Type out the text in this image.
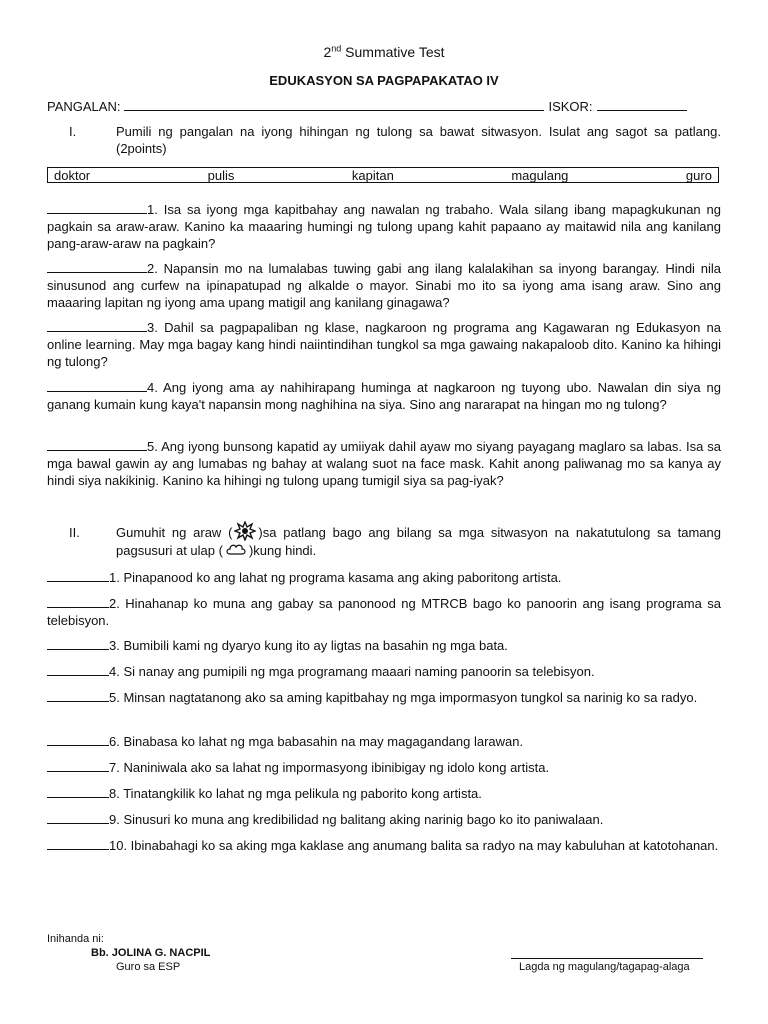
2nd Summative Test
EDUKASYON SA PAGPAPAKATAO IV
PANGALAN:	ISKOR:
I.	Pumili ng pangalan na iyong hihingan ng tulong sa bawat sitwasyon. Isulat ang sagot sa patlang.(2points)
doktor	pulis	kapitan	magulang	guro
1. Isa sa iyong mga kapitbahay ang nawalan ng trabaho. Wala silang ibang mapagkukunan ng pagkain sa araw-araw. Kanino ka maaaring humingi ng tulong upang kahit papaano ay maitawid nila ang kanilang pang-araw-araw na pagkain?
2. Napansin mo na lumalabas tuwing gabi ang ilang kalalakihan sa inyong barangay. Hindi nila sinusunod ang curfew na ipinapatupad ng alkalde o mayor. Sinabi mo ito sa iyong ama isang araw. Sino ang maaaring lapitan ng iyong ama upang matigil ang kanilang ginagawa?
3. Dahil sa pagpapaliban ng klase, nagkaroon ng programa ang Kagawaran ng Edukasyon na online learning. May mga bagay kang hindi naiintindihan tungkol sa mga gawaing nakapaloob dito. Kanino ka hihingi ng tulong?
4. Ang iyong ama ay nahihirapang huminga at nagkaroon ng tuyong ubo. Nawalan din siya ng ganang kumain kung kaya't napansin mong naghihina na siya. Sino ang nararapat na hingan mo ng tulong?
5. Ang iyong bunsong kapatid ay umiiyak dahil ayaw mo siyang payagang maglaro sa labas. Isa sa mga bawal gawin ay ang lumabas ng bahay at walang suot na face mask. Kahit anong paliwanag mo sa kanya ay hindi siya nakikinig. Kanino ka hihingi ng tulong upang tumigil siya sa pag-iyak?
II.	Gumuhit ng araw ( )sa patlang bago ang bilang sa mga sitwasyon na nakatutulong sa tamang pagsusuri at ulap ( )kung hindi.
1. Pinapanood ko ang lahat ng programa kasama ang aking paboritong artista.
2. Hinahanap ko muna ang gabay sa panonood ng MTRCB bago ko panoorin ang isang programa sa telebisyon.
3. Bumibili kami ng dyaryo kung ito ay ligtas na basahin ng mga bata.
4. Si nanay ang pumipili ng mga programang maaari naming panoorin sa telebisyon.
5. Minsan nagtatanong ako sa aming kapitbahay ng mga impormasyon tungkol sa narinig ko sa radyo.
6. Binabasa ko lahat ng mga babasahin na may magagandang larawan.
7. Naniniwala ako sa lahat ng impormasyong ibinibigay ng idolo kong artista.
8. Tinatangkilik ko lahat ng mga pelikula ng paborito kong artista.
9. Sinusuri ko muna ang kredibilidad ng balitang aking narinig bago ko ito paniwalaan.
10. Ibinabahagi ko sa aking mga kaklase ang anumang balita sa radyo na may kabuluhan at katotohanan.
Inihanda ni:
Bb. JOLINA G. NACPIL
Guro sa ESP	Lagda ng magulang/tagapag-alaga
